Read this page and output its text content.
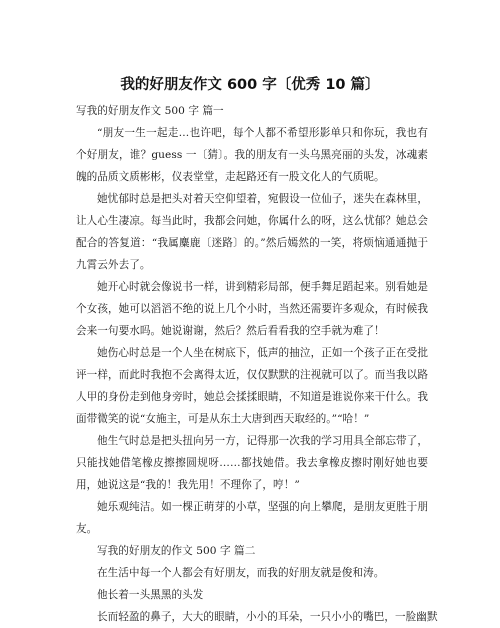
我的好朋友作文 600 字〔优秀 10 篇〕
写我的好朋友作文 500 字 篇一

“朋友一生一起走…也许吧，每个人都不希望形影单只和你玩，我也有个好朋友，谁？guess 一〔猜〕。我的朋友有一头乌黑亮丽的头发，冰魂素魄的品质文质彬彬，仪表堂堂，走起路还有一股文化人的气质呢。

她忧郁时总是把头对着天空仰望着，宛假设一位仙子，迷失在森林里，让人心生凄凉。每当此时，我都会问她，你属什么的呀，这么忧郁？她总会配合的答复道：“我属麋鹿〔迷路〕的。”然后嫣然的一笑，将烦恼通通抛于九霄云外去了。

她开心时就会像说书一样，讲到精彩局部，便手舞足蹈起来。别看她是个女孩，她可以滔滔不绝的说上几个小时，当然还需要许多观众，有时候我会来一句要水吗。她说谢谢，然后？然后看看我的空手就为难了！

她伤心时总是一个人坐在树底下，低声的抽泣，正如一个孩子正在受批评一样，而此时我抱不会离得太近，仅仅默默的注视就可以了。而当我以路人甲的身份走到他身旁时，她总会揉揉眼睛，不知道是谁说你来干什么。我面带微笑的说“女施主，可是从东土大唐到西天取经的。”“哈！”

他生气时总是把头扭向另一方，记得那一次我的学习用具全部忘带了，只能找她借笔橡皮擦擦圆规呀……都找她借。我去拿橡皮擦时刚好她也要用，她说这是“我的！我先用！不理你了，哼！”

她乐观纯洁。如一棵正萌芽的小草，坚强的向上攀爬，是朋友更胜于朋友。

写我的好朋友的作文 500 字 篇二

在生活中每一个人都会有好朋友，而我的好朋友就是俊和涛。

他长着一头黑黑的头发

长而轻盈的鼻子，大大的眼睛，小小的耳朵，一只小小的嘴巴，一脸幽默
